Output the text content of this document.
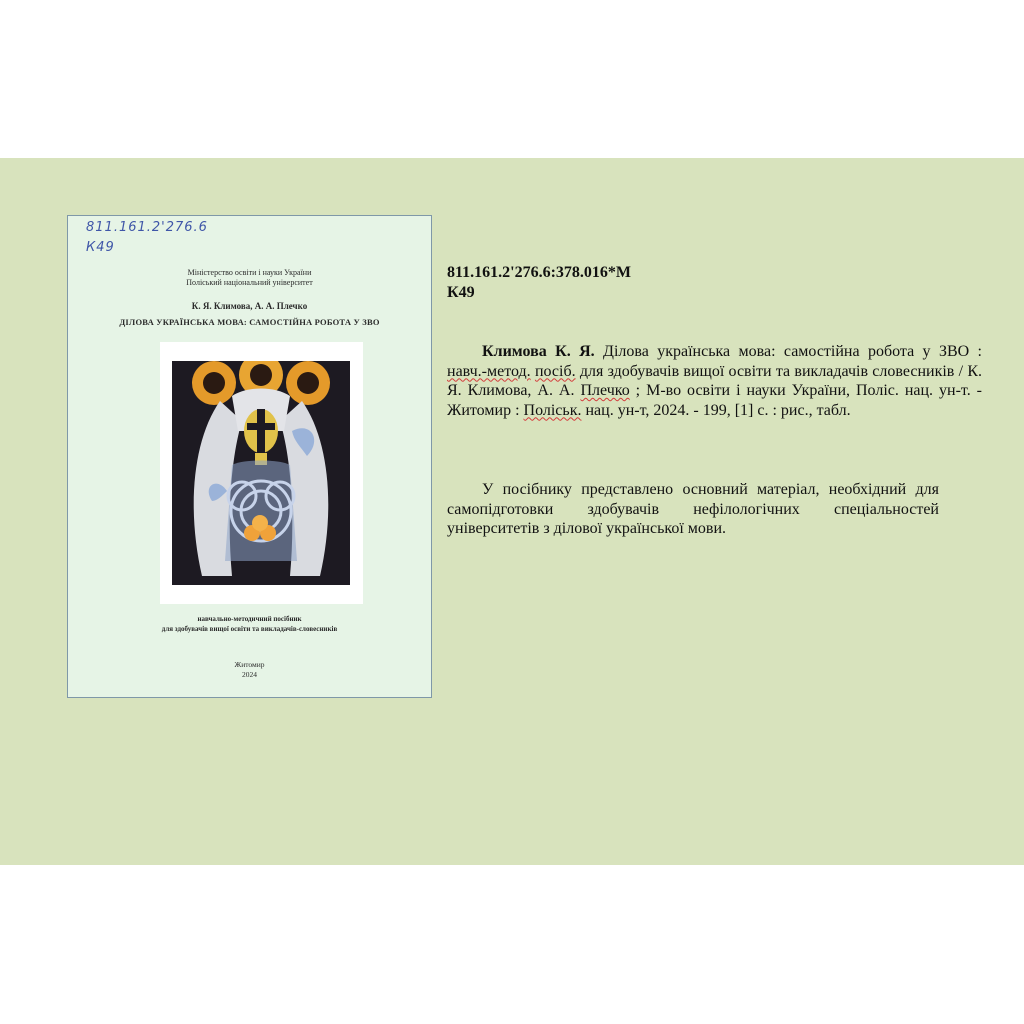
811.161.2'276.6
К49
Міністерство освіти і науки України
Поліський національний університет
К. Я. Климова, А. А. Плечко
ДІЛОВА УКРАЇНСЬКА МОВА: САМОСТІЙНА РОБОТА У ЗВО
навчально-методичний посібник
для здобувачів вищої освіти та викладачів-словесників
Житомир
2024
811.161.2'276.6:378.016*М
К49
Климова К. Я. Ділова українська мова: самостійна робота у ЗВО : навч.-метод. посіб. для здобувачів вищої освіти та викладачів словесників / К. Я. Климова, А. А. Плечко ; М-во освіти і науки України, Поліс. нац. ун-т. - Житомир : Поліськ. нац. ун-т, 2024. - 199, [1] с. : рис., табл.
У посібнику представлено основний матеріал, необхідний для самопідготовки здобувачів нефілологічних спеціальностей університетів з ділової української мови.
